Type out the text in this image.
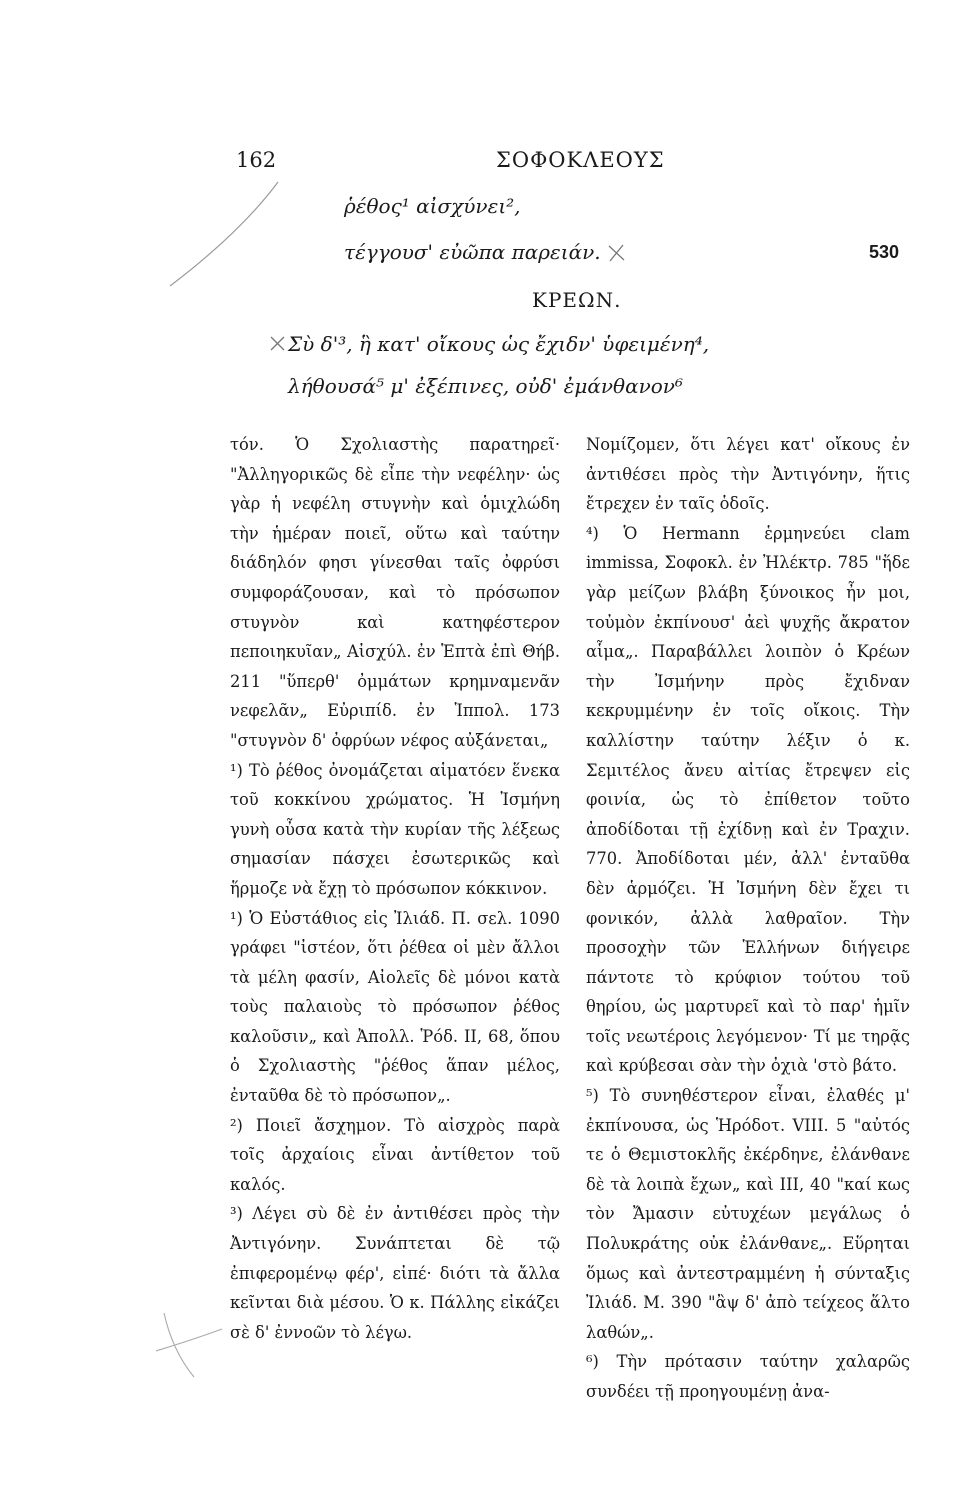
162	ΣΟΦΟΚΛΕΟΥΣ
ῥέθος¹ αἰσχύνει²,
τέγγουσ' εὐῶπα παρειάν.	530
ΚΡΕΩΝ.
Σὺ δ'³, ἣ κατ' οἴκους ὡς ἔχιδν' ὑφειμένη⁴,
λήθουσά⁵ μ' ἐξέπινες, οὐδ' ἐμάνθανον⁶

τόν. Ὁ Σχολιαστὴς παρατηρεῖ· "Ἀλληγορικῶς δὲ εἶπε τὴν νεφέλην· ὡς γὰρ ἡ νεφέλη στυγνὴν καὶ ὁμιχλώδη τὴν ἡμέραν ποιεῖ, οὕτω καὶ ταύτην διάδηλόν φησι γίνεσθαι ταῖς ὀφρύσι συμφοράζουσαν, καὶ τὸ πρόσωπον στυγνὸν καὶ κατηφέστερον πεποιηκυῖαν„ Αἰσχύλ. ἐν Ἑπτὰ ἐπὶ Θήβ. 211 "ὕπερθ' ὀμμάτων κρημναμενᾶν νεφελᾶν„ Εὐριπίδ. ἐν Ἱππολ. 173 "στυγνὸν δ' ὀφρύων νέφος αὐξάνεται„

¹) Τὸ ῥέθος ὀνομάζεται αἱματόεν ἕνεκα τοῦ κοκκίνου χρώματος. Ἡ Ἰσμήνη γυνὴ οὖσα κατὰ τὴν κυρίαν τῆς λέξεως σημασίαν πάσχει ἐσωτερικῶς καὶ ἥρμοζε νὰ ἔχῃ τὸ πρόσωπον κόκκινον.

¹) Ὁ Εὐστάθιος εἰς Ἰλιάδ. Π. σελ. 1090 γράφει "ἰστέον, ὅτι ῥέθεα οἱ μὲν ἄλλοι τὰ μέλη φασίν, Αἰολεῖς δὲ μόνοι κατὰ τοὺς παλαιοὺς τὸ πρόσωπον ῥέθος καλοῦσιν„ καὶ Ἀπολλ. Ῥόδ. ΙΙ, 68, ὅπου ὁ Σχολιαστὴς "ῥέθος ἅπαν μέλος, ἐνταῦθα δὲ τὸ πρόσωπον„.

²) Ποιεῖ ἄσχημον. Τὸ αἰσχρὸς παρὰ τοῖς ἀρχαίοις εἶναι ἀντίθετον τοῦ καλός.

³) Λέγει σὺ δὲ ἐν ἀντιθέσει πρὸς τὴν Ἀντιγόνην. Συνάπτεται δὲ τῷ ἐπιφερομένῳ φέρ', εἰπέ· διότι τὰ ἄλλα κεῖνται διὰ μέσου. Ὁ κ. Πάλλης εἰκάζει σὲ δ' ἐννοῶν τὸ λέγω.

Νομίζομεν, ὅτι λέγει κατ' οἴκους ἐν ἀντιθέσει πρὸς τὴν Ἀντιγόνην, ἥτις ἔτρεχεν ἐν ταῖς ὁδοῖς.

⁴) Ὁ Hermann ἑρμηνεύει clam immissa, Σοφοκλ. ἐν Ἠλέκτρ. 785 "ἥδε γὰρ μείζων βλάβη ξύνοικος ἦν μοι, τοὐμὸν ἐκπίνουσ' ἀεὶ ψυχῆς ἄκρατον αἷμα„. Παραβάλλει λοιπὸν ὁ Κρέων τὴν Ἰσμήνην πρὸς ἔχιδναν κεκρυμμένην ἐν τοῖς οἴκοις. Τὴν καλλίστην ταύτην λέξιν ὁ κ. Σεμιτέλος ἄνευ αἰτίας ἔτρεψεν εἰς φοινία, ὡς τὸ ἐπίθετον τοῦτο ἀποδίδοται τῇ ἐχίδνῃ καὶ ἐν Τραχιν. 770. Ἀποδίδοται μέν, ἀλλ' ἐνταῦθα δὲν ἁρμόζει. Ἡ Ἰσμήνη δὲν ἔχει τι φονικόν, ἀλλὰ λαθραῖον. Τὴν προσοχὴν τῶν Ἑλλήνων διήγειρε πάντοτε τὸ κρύφιον τούτου τοῦ θηρίου, ὡς μαρτυρεῖ καὶ τὸ παρ' ἡμῖν τοῖς νεωτέροις λεγόμενον· Τί με τηρᾷς καὶ κρύβεσαι σὰν τὴν ὀχιὰ 'στὸ βάτο.

⁵) Τὸ συνηθέστερον εἶναι, ἐλαθές μ' ἐκπίνουσα, ὡς Ἡρόδοτ. VIII. 5 "αὐτός τε ὁ Θεμιστοκλῆς ἐκέρδηνε, ἐλάνθανε δὲ τὰ λοιπὰ ἔχων„ καὶ ΙΙΙ, 40 "καί κως τὸν Ἄμασιν εὐτυχέων μεγάλως ὁ Πολυκράτης οὐκ ἐλάνθανε„. Εὕρηται ὅμως καὶ ἀντεστραμμένη ἡ σύνταξις Ἰλιάδ. Μ. 390 "ἂψ δ' ἀπὸ τείχεος ἅλτο λαθών„.

⁶) Τὴν πρότασιν ταύτην χαλαρῶς συνδέει τῇ προηγουμένῃ ἀνα-
